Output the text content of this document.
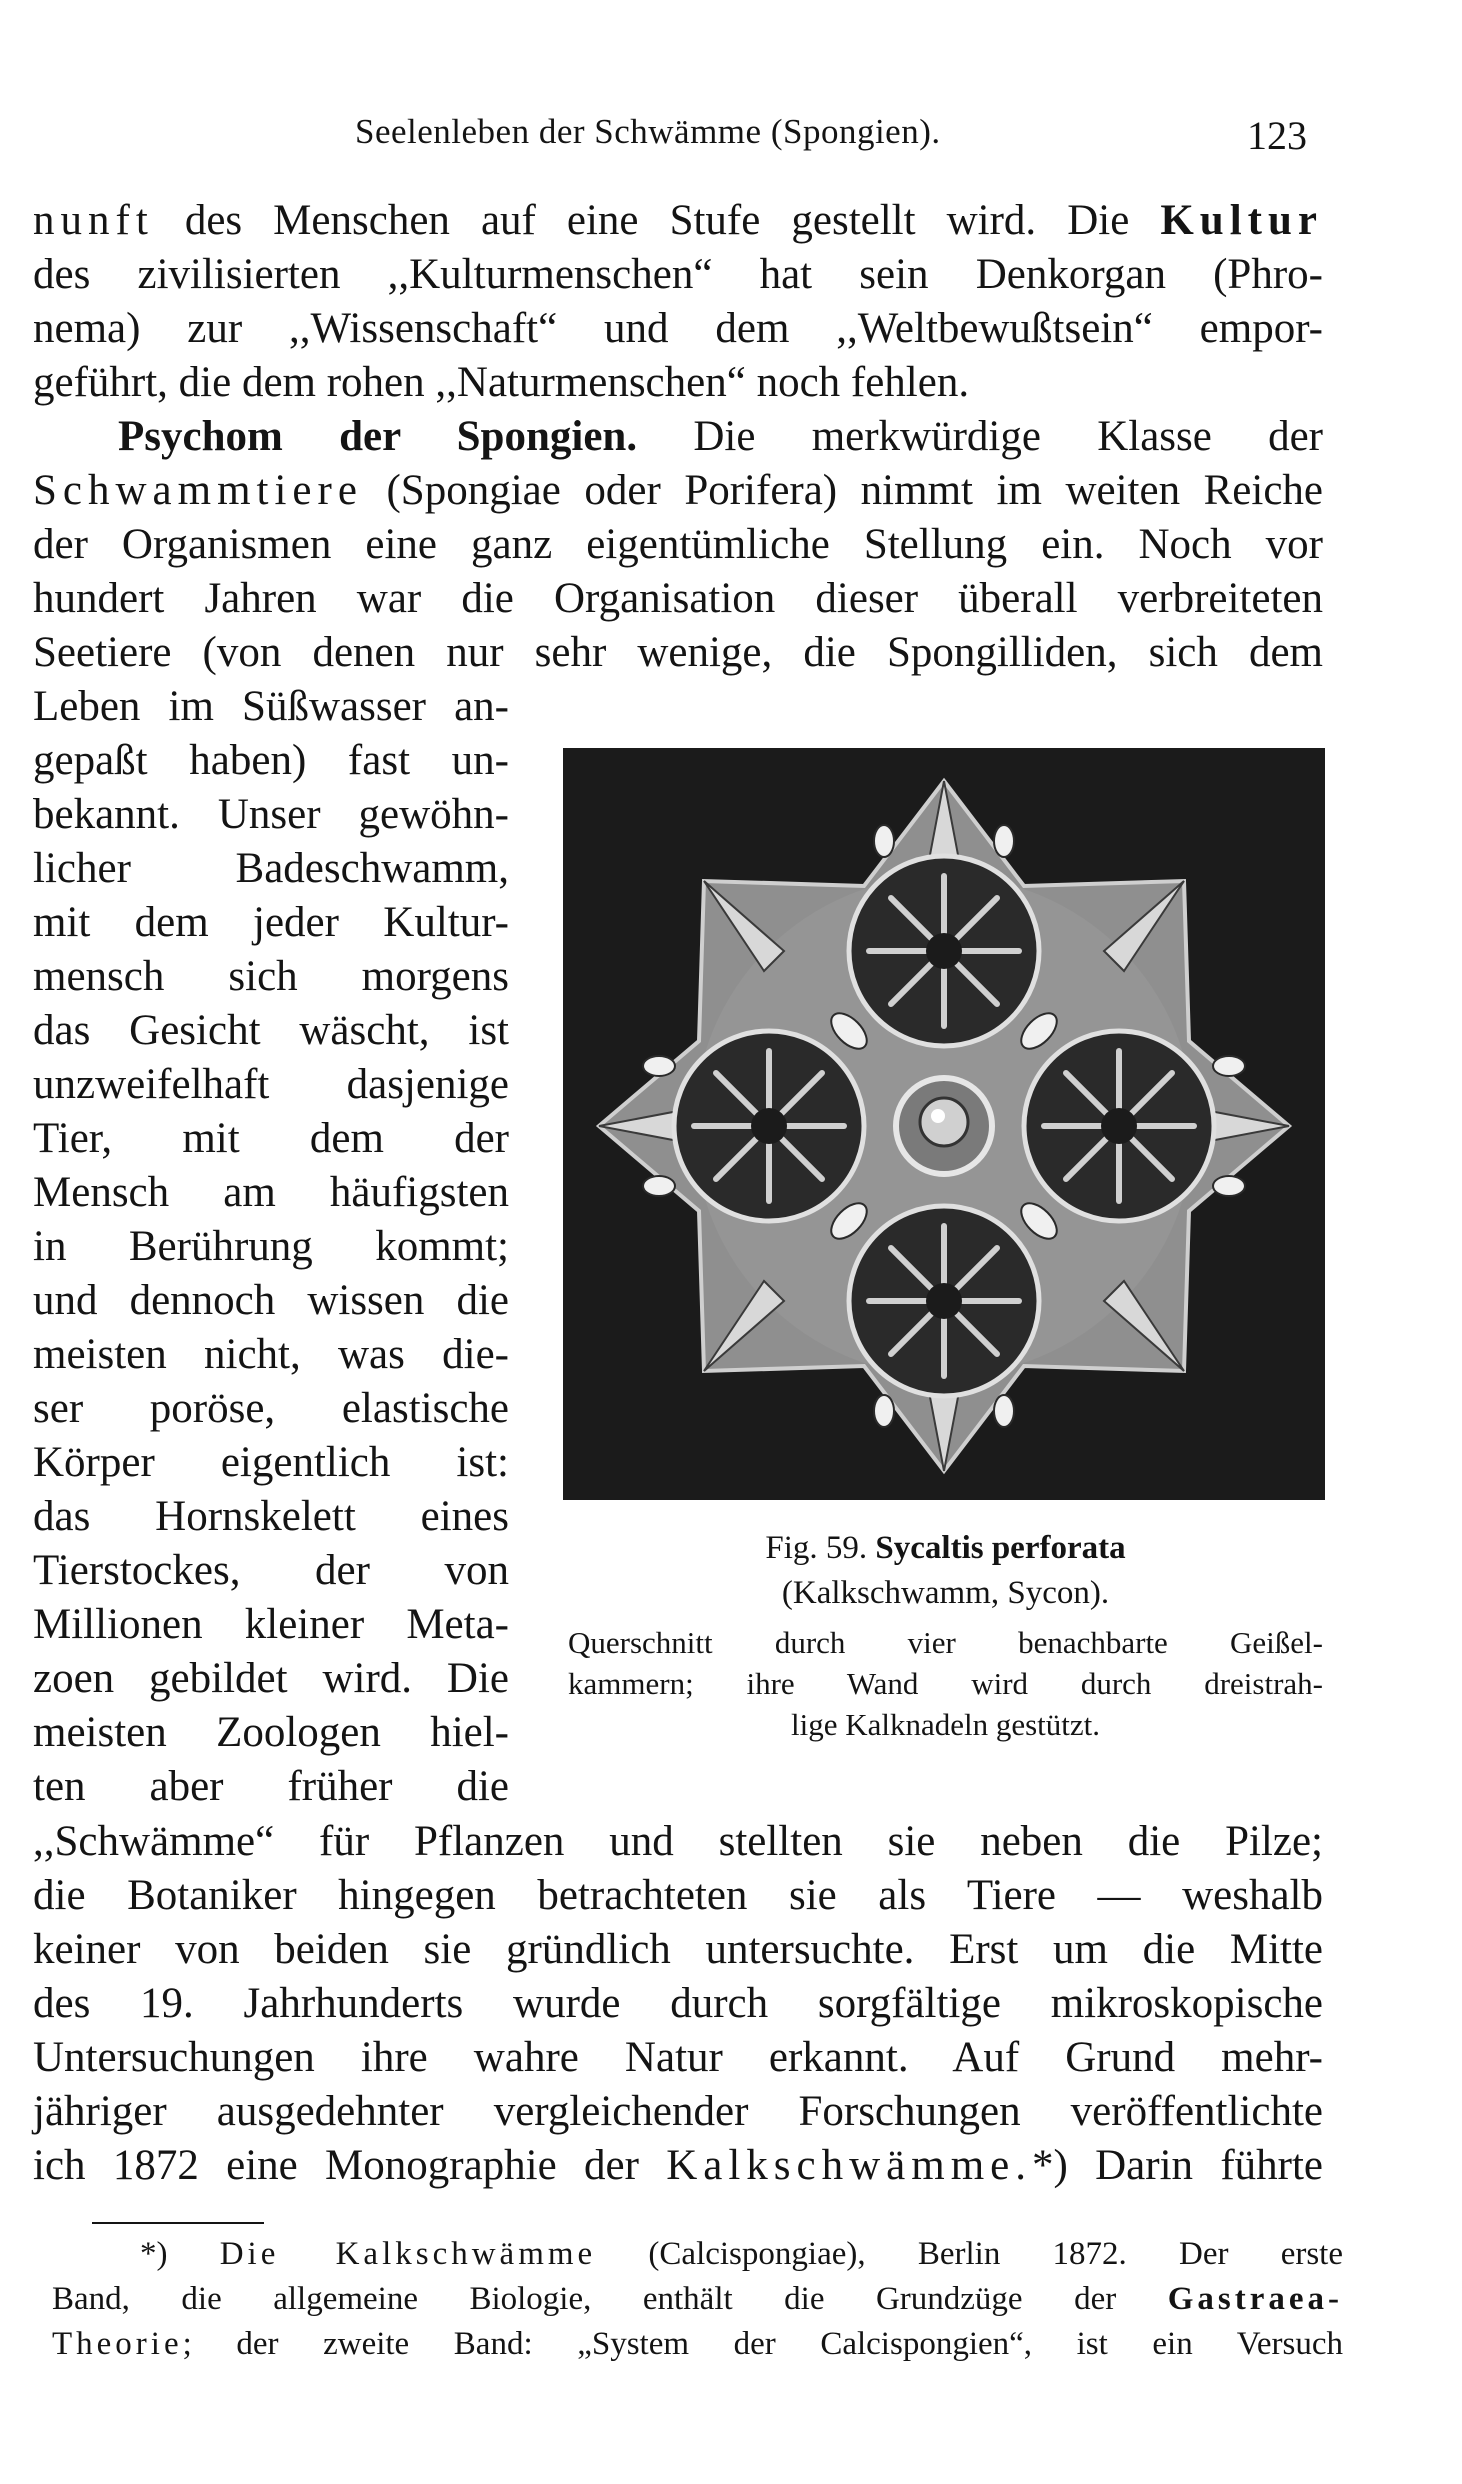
Seelenleben der Schwämme (Spongien).	123
nunft des Menschen auf eine Stufe gestellt wird. Die Kultur
des zivilisierten ,,Kulturmenschen“ hat sein Denkorgan (Phro-
nema) zur ,,Wissenschaft“ und dem ,,Weltbewußtsein“ empor-
geführt, die dem rohen ,,Naturmenschen“ noch fehlen.
Psychom der Spongien. Die merkwürdige Klasse der
Schwammtiere (Spongiae oder Porifera) nimmt im weiten Reiche
der Organismen eine ganz eigentümliche Stellung ein. Noch vor
hundert Jahren war die Organisation dieser überall verbreiteten
Seetiere (von denen nur sehr wenige, die Spongilliden, sich dem
Leben im Süßwasser an-
gepaßt haben) fast un-
bekannt. Unser gewöhn-
licher Badeschwamm,
mit dem jeder Kultur-
mensch sich morgens
das Gesicht wäscht, ist
unzweifelhaft dasjenige
Tier, mit dem der
Mensch am häufigsten
in Berührung kommt;
und dennoch wissen die
meisten nicht, was die-
ser poröse, elastische
Körper eigentlich ist:
das Hornskelett eines
Tierstockes, der von
Millionen kleiner Meta-
zoen gebildet wird. Die
meisten Zoologen hiel-
ten aber früher die
,,Schwämme“ für Pflanzen und stellten sie neben die Pilze;
die Botaniker hingegen betrachteten sie als Tiere — weshalb
keiner von beiden sie gründlich untersuchte. Erst um die Mitte
des 19. Jahrhunderts wurde durch sorgfältige mikroskopische
Untersuchungen ihre wahre Natur erkannt. Auf Grund mehr-
jähriger ausgedehnter vergleichender Forschungen veröffentlichte
ich 1872 eine Monographie der Kalkschwämme.*) Darin führte
Fig. 59. Sycaltis perforata
(Kalkschwamm, Sycon).
Querschnitt durch vier benachbarte Geißel-
kammern; ihre Wand wird durch dreistrah-
lige Kalknadeln gestützt.
*) Die Kalkschwämme (Calcispongiae), Berlin 1872. Der erste
Band, die allgemeine Biologie, enthält die Grundzüge der Gastraea-
Theorie; der zweite Band: „System der Calcispongien“, ist ein Versuch
